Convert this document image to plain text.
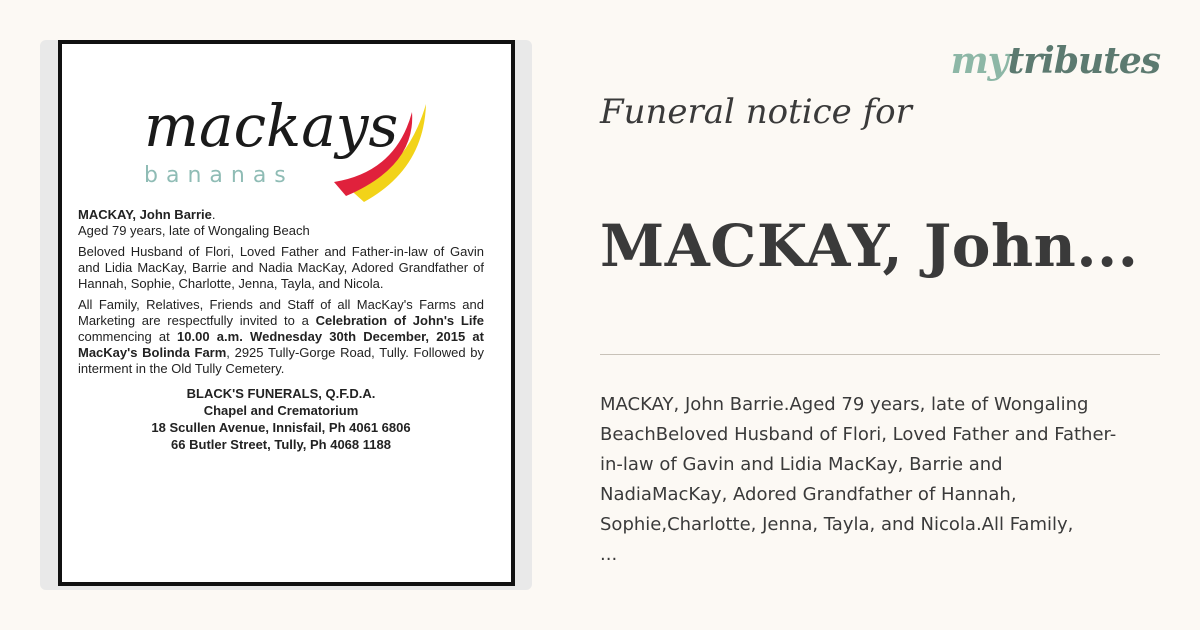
mackays
bananas

MACKAY, John Barrie.
Aged 79 years, late of Wongaling Beach

Beloved Husband of Flori, Loved Father and Father-in-law of Gavin and Lidia MacKay, Barrie and Nadia MacKay, Adored Grandfather of Hannah, Sophie, Charlotte, Jenna, Tayla, and Nicola.

All Family, Relatives, Friends and Staff of all MacKay's Farms and Marketing are respectfully invited to a Celebration of John's Life commencing at 10.00 a.m. Wednesday 30th December, 2015 at MacKay's Bolinda Farm, 2925 Tully-Gorge Road, Tully. Followed by interment in the Old Tully Cemetery.

BLACK'S FUNERALS, Q.F.D.A.
Chapel and Crematorium
18 Scullen Avenue, Innisfail, Ph 4061 6806
66 Butler Street, Tully, Ph 4068 1188
mytributes
Funeral notice for
MACKAY, John...
MACKAY, John Barrie.Aged 79 years, late of Wongaling
BeachBeloved Husband of Flori, Loved Father and Father-
in-law of Gavin and Lidia MacKay, Barrie and
NadiaMacKay, Adored Grandfather of Hannah,
Sophie,Charlotte, Jenna, Tayla, and Nicola.All Family,
...
